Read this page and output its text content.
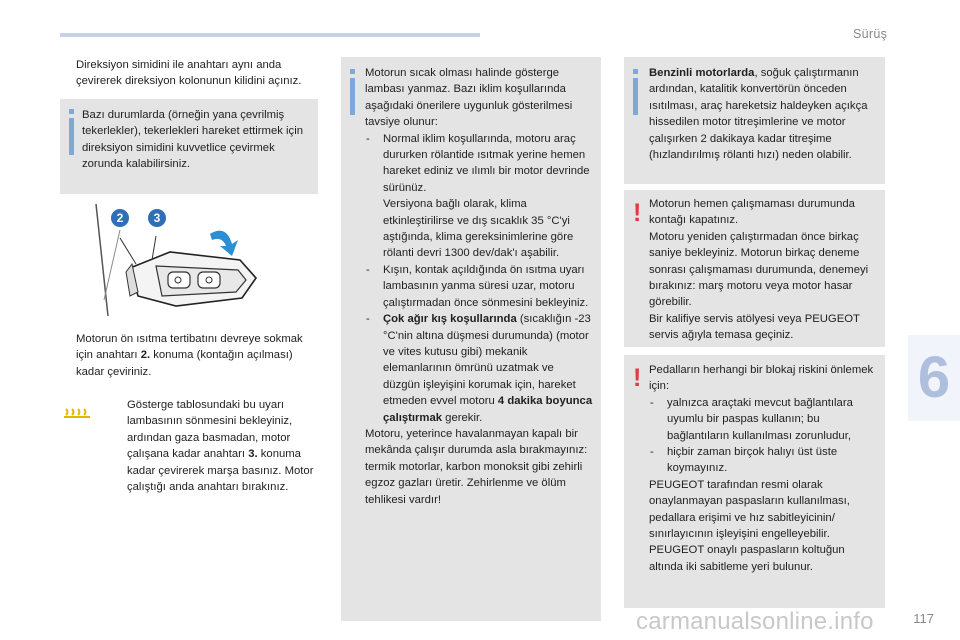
Sürüş
Direksiyon simidini ile anahtarı aynı anda çevirerek direksiyon kolonunun kilidini açınız.
Bazı durumlarda (örneğin yana çevrilmiş tekerlekler), tekerlekleri hareket ettirmek için direksiyon simidini kuvvetlice çevirmek zorunda kalabilirsiniz.
2	3
Motorun ön ısıtma tertibatını devreye sokmak için anahtarı 2. konuma (kontağın açılması) kadar çeviriniz.
Gösterge tablosundaki bu uyarı lambasının sönmesini bekleyiniz, ardından gaza basmadan, motor çalışana kadar anahtarı 3. konuma kadar çevirerek marşa basınız. Motor çalıştığı anda anahtarı bırakınız.
Motorun sıcak olması halinde gösterge lambası yanmaz. Bazı iklim koşullarında aşağıdaki önerilere uygunluk gösterilmesi tavsiye olunur:
- Normal iklim koşullarında, motoru araç dururken rölantide ısıtmak yerine hemen hareket ediniz ve ılımlı bir motor devrinde sürünüz.
Versiyona bağlı olarak, klima etkinleştirilirse ve dış sıcaklık 35 °C'yi aştığında, klima gereksinimlerine göre rölanti devri 1300 dev/dak'ı aşabilir.
- Kışın, kontak açıldığında ön ısıtma uyarı lambasının yanma süresi uzar, motoru çalıştırmadan önce sönmesini bekleyiniz.
- Çok ağır kış koşullarında (sıcaklığın -23 °C'nin altına düşmesi durumunda) (motor ve vites kutusu gibi) mekanik elemanlarının ömrünü uzatmak ve düzgün işleyişini korumak için, hareket etmeden evvel motoru 4 dakika boyunca çalıştırmak gerekir.
Motoru, yeterince havalanmayan kapalı bir mekânda çalışır durumda asla bırakmayınız: termik motorlar, karbon monoksit gibi zehirli egzoz gazları üretir. Zehirlenme ve ölüm tehlikesi vardır!
Benzinli motorlarda, soğuk çalıştırmanın ardından, katalitik konvertörün önceden ısıtılması, araç hareketsiz haldeyken açıkça hissedilen motor titreşimlerine ve motor çalışırken 2 dakikaya kadar titreşime (hızlandırılmış rölanti hızı) neden olabilir.
! Motorun hemen çalışmaması durumunda kontağı kapatınız.
Motoru yeniden çalıştırmadan önce birkaç saniye bekleyiniz. Motorun birkaç deneme sonrası çalışmaması durumunda, denemeyi bırakınız: marş motoru veya motor hasar görebilir.
Bir kalifiye servis atölyesi veya PEUGEOT servis ağıyla temasa geçiniz.
! Pedalların herhangi bir blokaj riskini önlemek için:
- yalnızca araçtaki mevcut bağlantılara uyumlu bir paspas kullanın; bu bağlantıların kullanılması zorunludur,
- hiçbir zaman birçok halıyı üst üste koymayınız.
PEUGEOT tarafından resmi olarak onaylanmayan paspasların kullanılması, pedallara erişimi ve hız sabitleyicinin/ sınırlayıcının işleyişini engelleyebilir. PEUGEOT onaylı paspasların koltuğun altında iki sabitleme yeri bulunur.
6
carmanualsonline.info	117
